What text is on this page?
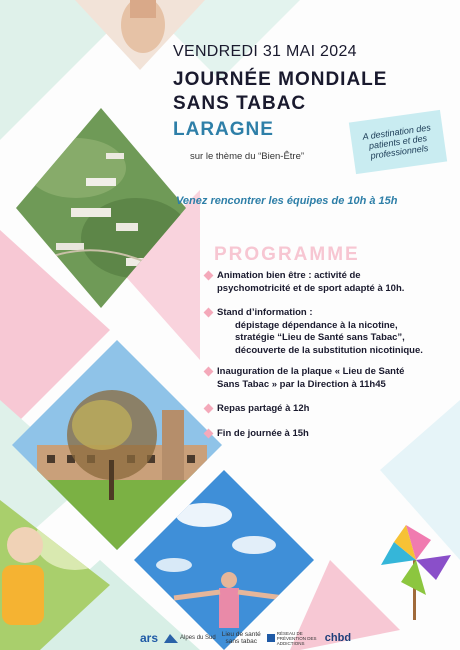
VENDREDI 31 MAI 2024
JOURNÉE MONDIALE
SANS TABAC
LARAGNE
sur le thème du “Bien-Être”
A destination des patients et des professionnels
Venez rencontrer les équipes de 10h à 15h
PROGRAMME
Animation bien être : activité de
psychomotricité et de sport adapté à 10h.
Stand d’information :
dépistage dépendance à la nicotine,
stratégie “Lieu de Santé sans Tabac”,
découverte de la substitution nicotinique.
Inauguration de la plaque « Lieu de Santé
Sans Tabac » par la Direction à 11h45
Repas partagé à 12h
Fin de journée à 15h
ars	Alpes du Sud Lieu de santé
sans tabac
RÉSEAU DE PRÉVENTION DES ADDICTIONS	chbd
